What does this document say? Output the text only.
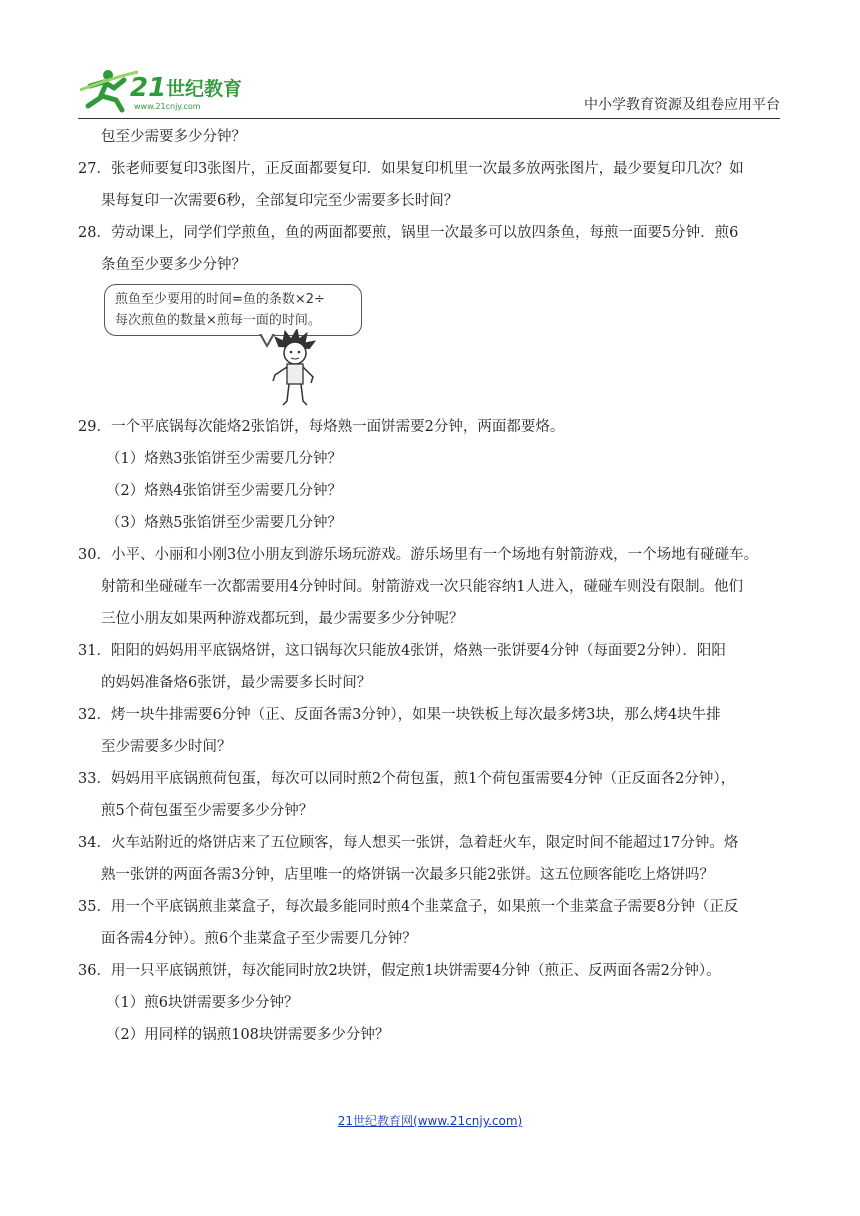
21 世纪教育
www.21cnjy.com	中小学教育资源及组卷应用平台
包至少需要多少分钟？
27．张老师要复印3张图片，正反面都要复印．如果复印机里一次最多放两张图片，最少要复印几次？如
果每复印一次需要6秒，全部复印完至少需要多长时间？
28．劳动课上，同学们学煎鱼，鱼的两面都要煎，锅里一次最多可以放四条鱼，每煎一面要5分钟．煎6
条鱼至少要多少分钟？
煎鱼至少要用的时间=鱼的条数×2÷
每次煎鱼的数量×煎每一面的时间。
29．一个平底锅每次能烙2张馅饼，每烙熟一面饼需要2分钟，两面都要烙。
（1）烙熟3张馅饼至少需要几分钟？
（2）烙熟4张馅饼至少需要几分钟？
（3）烙熟5张馅饼至少需要几分钟？
30．小平、小丽和小刚3位小朋友到游乐场玩游戏。游乐场里有一个场地有射箭游戏，一个场地有碰碰车。
射箭和坐碰碰车一次都需要用4分钟时间。射箭游戏一次只能容纳1人进入，碰碰车则没有限制。他们
三位小朋友如果两种游戏都玩到，最少需要多少分钟呢？
31．阳阳的妈妈用平底锅烙饼，这口锅每次只能放4张饼，烙熟一张饼要4分钟（每面要2分钟）．阳阳
的妈妈准备烙6张饼，最少需要多长时间？
32．烤一块牛排需要6分钟（正、反面各需3分钟），如果一块铁板上每次最多烤3块，那么烤4块牛排
至少需要多少时间？
33．妈妈用平底锅煎荷包蛋，每次可以同时煎2个荷包蛋，煎1个荷包蛋需要4分钟（正反面各2分钟），
煎5个荷包蛋至少需要多少分钟？
34．火车站附近的烙饼店来了五位顾客，每人想买一张饼，急着赶火车，限定时间不能超过17分钟。烙
熟一张饼的两面各需3分钟，店里唯一的烙饼锅一次最多只能2张饼。这五位顾客能吃上烙饼吗？
35．用一个平底锅煎韭菜盒子，每次最多能同时煎4个韭菜盒子，如果煎一个韭菜盒子需要8分钟（正反
面各需4分钟）。煎6个韭菜盒子至少需要几分钟？
36．用一只平底锅煎饼，每次能同时放2块饼，假定煎1块饼需要4分钟（煎正、反两面各需2分钟）。
（1）煎6块饼需要多少分钟？
（2）用同样的锅煎108块饼需要多少分钟？
21世纪教育网(www.21cnjy.com)
